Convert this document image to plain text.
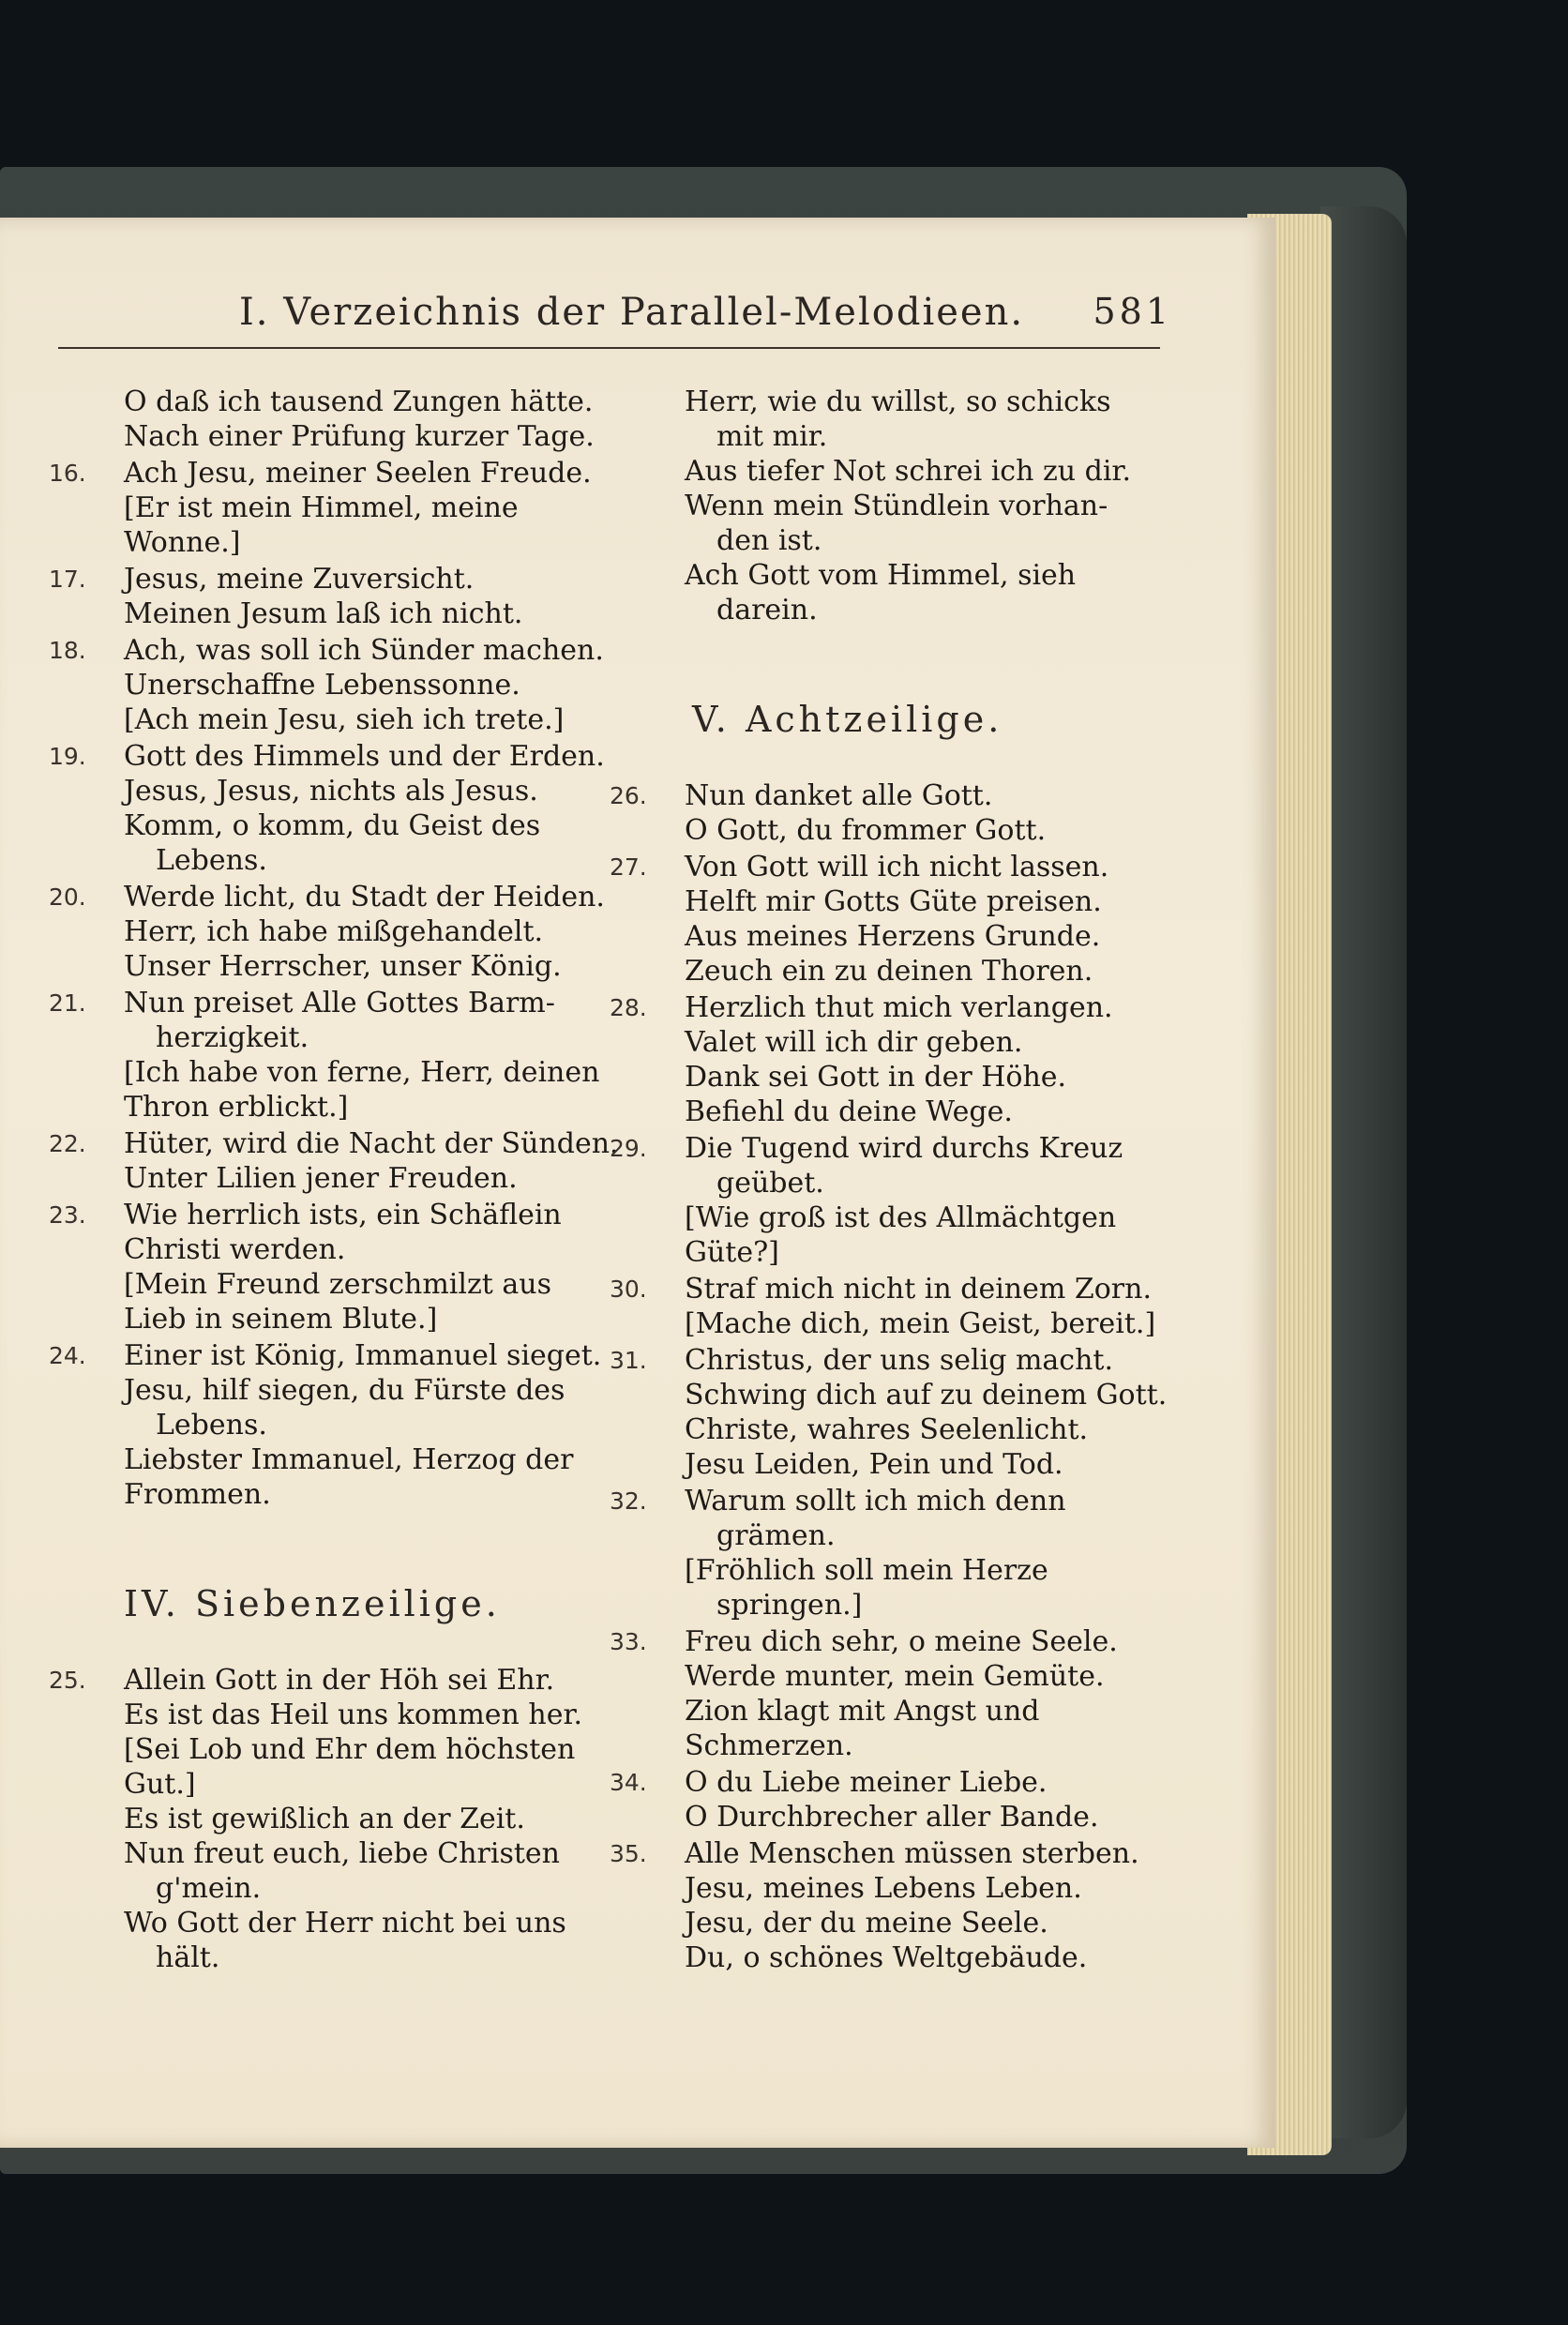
I. Verzeichnis der Parallel-Melodieen. 581
O daß ich tausend Zungen hätte.
Nach einer Prüfung kurzer Tage.
16.	Ach Jesu, meiner Seelen Freude.
[Er ist mein Himmel, meine
Wonne.]
17.	Jesus, meine Zuversicht.
Meinen Jesum laß ich nicht.
18.	Ach, was soll ich Sünder machen.
Unerschaffne Lebenssonne.
[Ach mein Jesu, sieh ich trete.]
19.	Gott des Himmels und der Erden.
Jesus, Jesus, nichts als Jesus.
Komm, o komm, du Geist des
Lebens.
20.	Werde licht, du Stadt der Heiden.
Herr, ich habe mißgehandelt.
Unser Herrscher, unser König.
21.	Nun preiset Alle Gottes Barm-
herzigkeit.
[Ich habe von ferne, Herr, deinen
Thron erblickt.]
22.	Hüter, wird die Nacht der Sünden.
Unter Lilien jener Freuden.
23.	Wie herrlich ists, ein Schäflein
Christi werden.
[Mein Freund zerschmilzt aus
Lieb in seinem Blute.]
24.	Einer ist König, Immanuel sieget.
Jesu, hilf siegen, du Fürste des
Lebens.
Liebster Immanuel, Herzog der
Frommen.
IV. Siebenzeilige.
25.	Allein Gott in der Höh sei Ehr.
Es ist das Heil uns kommen her.
[Sei Lob und Ehr dem höchsten
Gut.]
Es ist gewißlich an der Zeit.
Nun freut euch, liebe Christen
g'mein.
Wo Gott der Herr nicht bei uns
hält.
Herr, wie du willst, so schicks
mit mir.
Aus tiefer Not schrei ich zu dir.
Wenn mein Stündlein vorhan-
den ist.
Ach Gott vom Himmel, sieh
darein.
V. Achtzeilige.
26.	Nun danket alle Gott.
O Gott, du frommer Gott.
27.	Von Gott will ich nicht lassen.
Helft mir Gotts Güte preisen.
Aus meines Herzens Grunde.
Zeuch ein zu deinen Thoren.
28.	Herzlich thut mich verlangen.
Valet will ich dir geben.
Dank sei Gott in der Höhe.
Befiehl du deine Wege.
29.	Die Tugend wird durchs Kreuz
geübet.
[Wie groß ist des Allmächtgen
Güte?]
30.	Straf mich nicht in deinem Zorn.
[Mache dich, mein Geist, bereit.]
31.	Christus, der uns selig macht.
Schwing dich auf zu deinem Gott.
Christe, wahres Seelenlicht.
Jesu Leiden, Pein und Tod.
32.	Warum sollt ich mich denn
grämen.
[Fröhlich soll mein Herze
springen.]
33.	Freu dich sehr, o meine Seele.
Werde munter, mein Gemüte.
Zion klagt mit Angst und
Schmerzen.
34.	O du Liebe meiner Liebe.
O Durchbrecher aller Bande.
35.	Alle Menschen müssen sterben.
Jesu, meines Lebens Leben.
Jesu, der du meine Seele.
Du, o schönes Weltgebäude.
